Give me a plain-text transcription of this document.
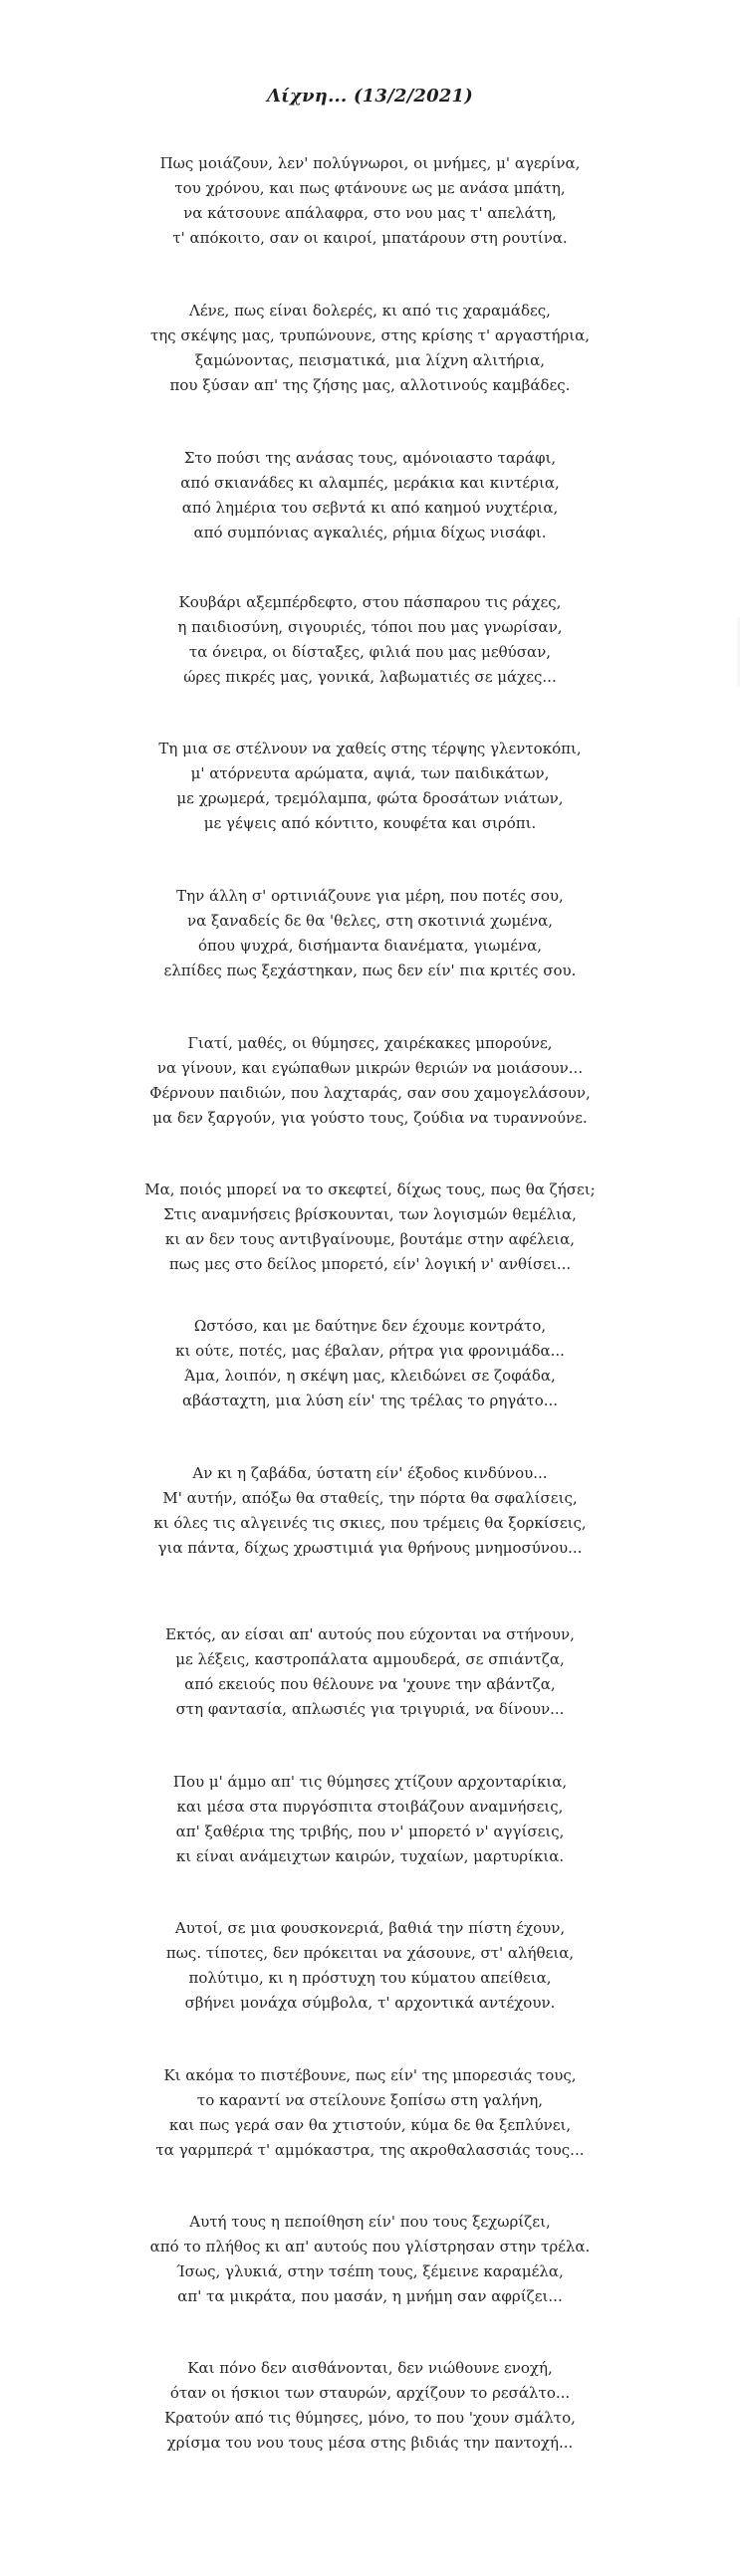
Λίχνη... (13/2/2021)
Πως μοιάζουν, λεν' πολύγνωροι, οι μνήμες, μ' αγερίνα,
του χρόνου, και πως φτάνουνε ως με ανάσα μπάτη,
να κάτσουνε απάλαφρα, στο νου μας τ' απελάτη,
τ' απόκοιτο, σαν οι καιροί, μπατάρουν στη ρουτίνα.
Λένε, πως είναι δολερές, κι από τις χαραμάδες,
της σκέψης μας, τρυπώνουνε, στης κρίσης τ' αργαστήρια,
ξαμώνοντας, πεισματικά, μια λίχνη αλιτήρια,
που ξύσαν απ' της ζήσης μας, αλλοτινούς καμβάδες.
Στο πούσι της ανάσας τους, αμόνοιαστο ταράφι,
από σκιανάδες κι αλαμπές, μεράκια και κιντέρια,
από λημέρια του σεβντά κι από καημού νυχτέρια,
από συμπόνιας αγκαλιές, ρήμια δίχως νισάφι.
Κουβάρι αξεμπέρδεφτο, στου πάσπαρου τις ράχες,
η παιδιοσύνη, σιγουριές, τόποι που μας γνωρίσαν,
τα όνειρα, οι δίσταξες, φιλιά που μας μεθύσαν,
ώρες πικρές μας, γονικά, λαβωματιές σε μάχες...
Τη μια σε στέλνουν να χαθείς στης τέρψης γλεντοκόπι,
μ' ατόρνευτα αρώματα, αψιά, των παιδικάτων,
με χρωμερά, τρεμόλαμπα, φώτα δροσάτων νιάτων,
με γέψεις από κόντιτο, κουφέτα και σιρόπι.
Την άλλη σ' ορτινιάζουνε για μέρη, που ποτές σου,
να ξαναδείς δε θα 'θελες, στη σκοτινιά χωμένα,
όπου ψυχρά, δισήμαντα διανέματα, γιωμένα,
ελπίδες πως ξεχάστηκαν, πως δεν είν' πια κριτές σου.
Γιατί, μαθές, οι θύμησες, χαιρέκακες μπορούνε,
να γίνουν, και εγώπαθων μικρών θεριών να μοιάσουν...
Φέρνουν παιδιών, που λαχταράς, σαν σου χαμογελάσουν,
μα δεν ξαργούν, για γούστο τους, ζούδια να τυραννούνε.
Μα, ποιός μπορεί να το σκεφτεί, δίχως τους, πως θα ζήσει;
Στις αναμνήσεις βρίσκουνται, των λογισμών θεμέλια,
κι αν δεν τους αντιβγαίνουμε, βουτάμε στην αφέλεια,
πως μες στο δείλος μπορετό, είν' λογική ν' ανθίσει...
Ωστόσο, και με δαύτηνε δεν έχουμε κοντράτο,
κι ούτε, ποτές, μας έβαλαν, ρήτρα για φρονιμάδα...
Άμα, λοιπόν, η σκέψη μας, κλειδώνει σε ζοφάδα,
αβάσταχτη, μια λύση είν' της τρέλας το ρηγάτο...
Αν κι η ζαβάδα, ύστατη είν' έξοδος κινδύνου...
Μ' αυτήν, απόξω θα σταθείς, την πόρτα θα σφαλίσεις,
κι όλες τις αλγεινές τις σκιες, που τρέμεις θα ξορκίσεις,
για πάντα, δίχως χρωστιμιά για θρήνους μνημοσύνου...
Εκτός, αν είσαι απ' αυτούς που εύχονται να στήνουν,
με λέξεις, καστροπάλατα αμμουδερά, σε σπιάντζα,
από εκειούς που θέλουνε να 'χουνε την αβάντζα,
στη φαντασία, απλωσιές για τριγυριά, να δίνουν...
Που μ' άμμο απ' τις θύμησες χτίζουν αρχονταρίκια,
και μέσα στα πυργόσπιτα στοιβάζουν αναμνήσεις,
απ' ξαθέρια της τριβής, που ν' μπορετό ν' αγγίσεις,
κι είναι ανάμειχτων καιρών, τυχαίων, μαρτυρίκια.
Αυτοί, σε μια φουσκονεριά, βαθιά την πίστη έχουν,
πως. τίποτες, δεν πρόκειται να χάσουνε, στ' αλήθεια,
πολύτιμο, κι η πρόστυχη του κύματου απείθεια,
σβήνει μονάχα σύμβολα, τ' αρχοντικά αντέχουν.
Κι ακόμα το πιστέβουνε, πως είν' της μπορεσιάς τους,
το καραντί να στείλουνε ξοπίσω στη γαλήνη,
και πως γερά σαν θα χτιστούν, κύμα δε θα ξεπλύνει,
τα γαρμπερά τ' αμμόκαστρα, της ακροθαλασσιάς τους...
Αυτή τους η πεποίθηση είν' που τους ξεχωρίζει,
από το πλήθος κι απ' αυτούς που γλίστρησαν στην τρέλα.
Ίσως, γλυκιά, στην τσέπη τους, ξέμεινε καραμέλα,
απ' τα μικράτα, που μασάν, η μνήμη σαν αφρίζει...
Και πόνο δεν αισθάνονται, δεν νιώθουνε ενοχή,
όταν οι ήσκιοι των σταυρών, αρχίζουν το ρεσάλτο...
Κρατούν από τις θύμησες, μόνο, το που 'χουν σμάλτο,
χρίσμα του νου τους μέσα στης βιδιάς την παντοχή...
